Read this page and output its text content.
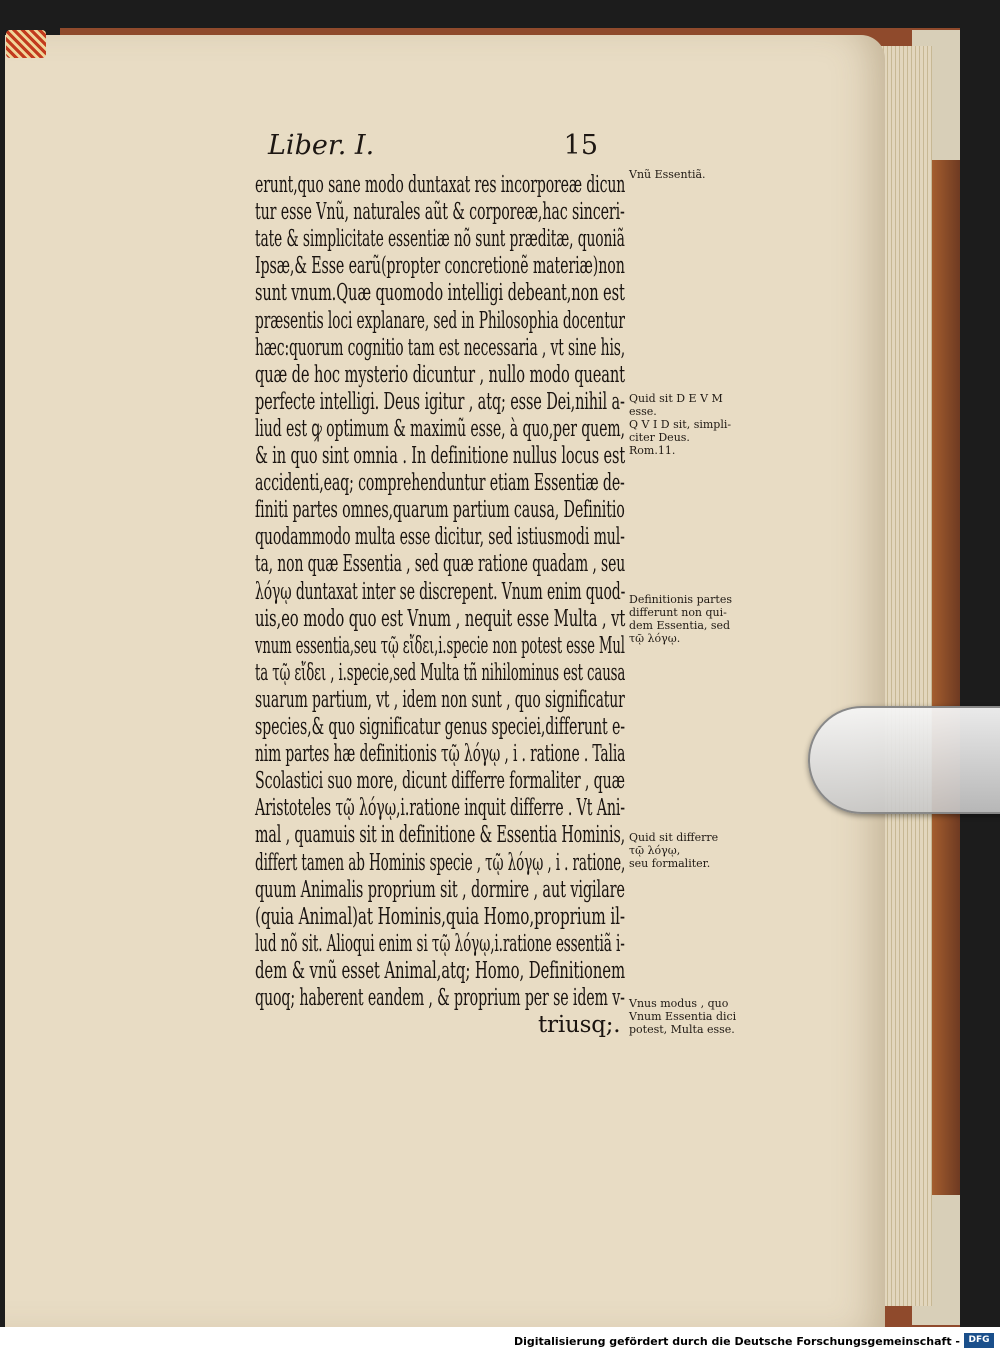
Liber. I.	15
erunt,quo sane modo duntaxat res incorporeæ dicun
tur esse Vnũ, naturales aũt & corporeæ,hac sinceri-
tate & simplicitate essentiæ nõ sunt præditæ, quoniã
Ipsæ,& Esse earũ(propter concretionẽ materiæ)non
sunt vnum.Quæ quomodo intelligi debeant,non est
præsentis loci explanare, sed in Philosophia docentur
hæc:quorum cognitio tam est necessaria , vt sine his,
quæ de hoc mysterio dicuntur , nullo modo queant
perfecte intelligi. Deus igitur , atq; esse Dei,nihil a-
liud est ꝙ optimum & maximũ esse, à quo,per quem,
& in quo sint omnia . In definitione nullus locus est
accidenti,eaq; comprehenduntur etiam Essentiæ de-
finiti partes omnes,quarum partium causa, Definitio
quodammodo multa esse dicitur, sed istiusmodi mul-
ta, non quæ Essentia , sed quæ ratione quadam , seu
λόγῳ duntaxat inter se discrepent. Vnum enim quod-
uis,eo modo quo est Vnum , nequit esse Multa , vt
vnum essentia,seu τῷ εἴδει,i.specie non potest esse Mul
ta τῷ εἴδει , i.specie,sed Multa tñ nihilominus est causa
suarum partium, vt , idem non sunt , quo significatur
species,& quo significatur genus speciei,differunt e-
nim partes hæ definitionis τῷ λόγῳ , i . ratione . Talia
Scolastici suo more, dicunt differre formaliter , quæ
Aristoteles τῷ λόγῳ,i.ratione inquit differre . Vt Ani-
mal , quamuis sit in definitione & Essentia Hominis,
differt tamen ab Hominis specie , τῷ λόγῳ , i . ratione,
quum Animalis proprium sit , dormire , aut vigilare
(quia Animal)at Hominis,quia Homo,proprium il-
lud nõ sit. Alioqui enim si τῷ λόγῳ,i.ratione essentiã i-
dem & vnũ esset Animal,atq; Homo, Definitionem
quoq; haberent eandem , & proprium per se idem v-
triusq;.
Vnũ Essentiã.
Quid sit D E V M
esse.
Q V I D sit, simpli-
citer Deus.
Rom.11.
Definitionis partes
differunt non qui-
dem Essentia, sed
τῷ λόγῳ.
Quid sit differre
τῷ λόγῳ,
seu formaliter.
Vnus modus , quo
Vnum Essentia dici
potest, Multa esse.
Digitalisierung gefördert durch die Deutsche Forschungsgemeinschaft - DFG
